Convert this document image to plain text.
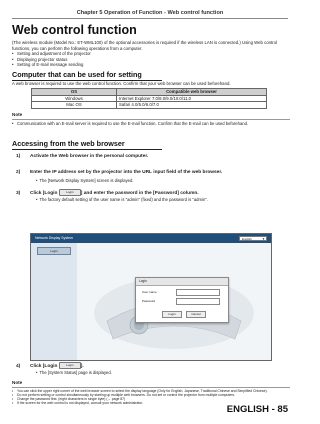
Chapter 5 Operation of Function - Web control function
Web control function
(The wireless module (Model No.: ET-WML100) of the optional accessories is required if the wireless LAN is connected.) Using Web control functions, you can perform the following operations from a computer.
• Setting and adjustment of the projector
• Displaying projector status
• Setting of E-mail message sending
Computer that can be used for setting
A web browser is required to use the web control function. Confirm that your web browser can be used beforehand.
OS	Compatible web browser
Windows	Internet Explorer 7.0/8.0/9.0/10.0/11.0
Mac OS	Safari 4.0/5.0/6.0/7.0
Note
• Communication with an E-mail server is required to use the E-mail function. Confirm that the E-mail can be used beforehand.
Accessing from the web browser
1) Activate the Web browser in the personal computer.
2) Enter the IP address set by the projector into the URL input field of the web browser.
• The [Network Display System] screen is displayed.
3) Click [Login	Login ] and enter the password in the [Password] column.
• The factory default setting of the user name is "admin" (fixed) and the password is "admin".
Network Display System	English	▼
Login
Login
User name
Password
Login	Cancel
4) Click [Login	Login ].
• The [System Status] page is displayed.
Note
• You can click the upper right corner of the web browser screen to select the display language (Only for English, Japanese, Traditional Chinese and Simplified Chinese).
• Do not perform setting or control simultaneously by starting up multiple web browsers. Do not set or control the projector from multiple computers.
• Change the password first. (eight characters in single byte) (→ page 87)
• If the screen for the web control is not displayed, consult your network administrator.
ENGLISH - 85
